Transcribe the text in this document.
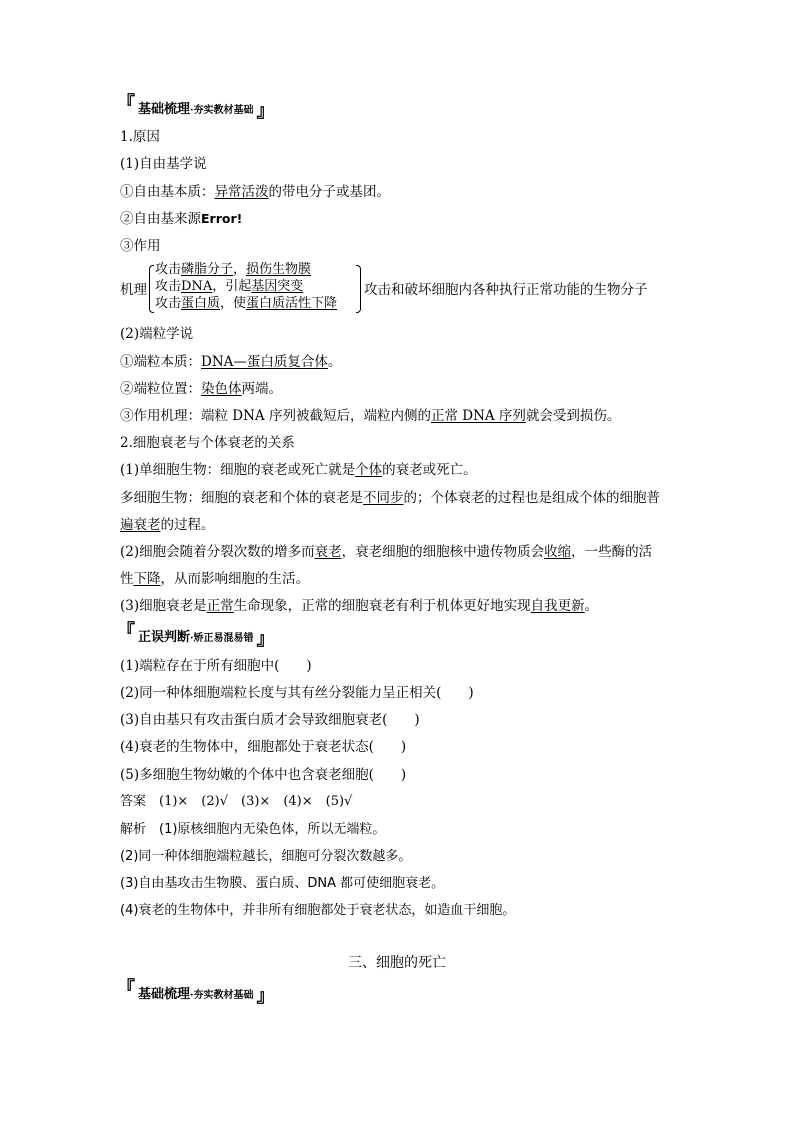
『 基础梳理·夯实教材基础 』
1.原因
(1)自由基学说
①自由基本质：异常活泼的带电分子或基团。
②自由基来源Error!
③作用
机理
攻击磷脂分子，损伤生物膜
攻击DNA，引起基因突变
攻击蛋白质，使蛋白质活性下降
攻击和破坏细胞内各种执行正常功能的生物分子
(2)端粒学说
①端粒本质：DNA—蛋白质复合体。
②端粒位置：染色体两端。
③作用机理：端粒 DNA 序列被截短后，端粒内侧的正常 DNA 序列就会受到损伤。
2.细胞衰老与个体衰老的关系
(1)单细胞生物：细胞的衰老或死亡就是个体的衰老或死亡。
多细胞生物：细胞的衰老和个体的衰老是不同步的；个体衰老的过程也是组成个体的细胞普
遍衰老的过程。
(2)细胞会随着分裂次数的增多而衰老，衰老细胞的细胞核中遗传物质会收缩，一些酶的活
性下降，从而影响细胞的生活。
(3)细胞衰老是正常生命现象，正常的细胞衰老有利于机体更好地实现自我更新。
『 正误判断·矫正易混易错 』
(1)端粒存在于所有细胞中(　　)
(2)同一种体细胞端粒长度与其有丝分裂能力呈正相关(　　)
(3)自由基只有攻击蛋白质才会导致细胞衰老(　　)
(4)衰老的生物体中，细胞都处于衰老状态(　　)
(5)多细胞生物幼嫩的个体中也含衰老细胞(　　)
答案　(1)×　(2)√　(3)×　(4)×　(5)√
解析　(1)原核细胞内无染色体，所以无端粒。
(2)同一种体细胞端粒越长，细胞可分裂次数越多。
(3)自由基攻击生物膜、蛋白质、DNA 都可使细胞衰老。
(4)衰老的生物体中，并非所有细胞都处于衰老状态，如造血干细胞。
三、细胞的死亡
『 基础梳理·夯实教材基础 』
